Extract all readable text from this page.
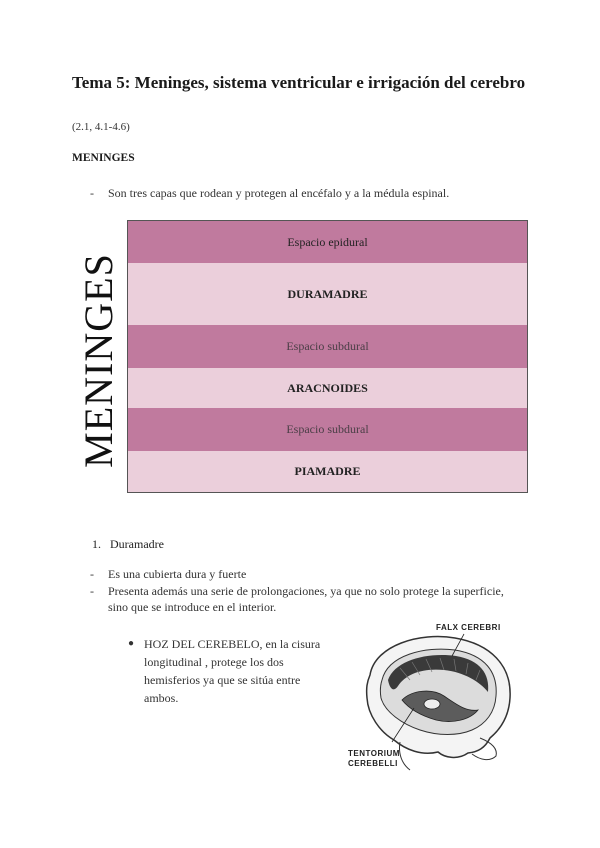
Tema 5: Meninges, sistema ventricular e irrigación del cerebro
(2.1, 4.1-4.6)
MENINGES
- Son tres capas que rodean y protegen al encéfalo y a la médula espinal.
MENINGES
Espacio epidural
DURAMADRE
Espacio subdural
ARACNOIDES
Espacio subdural
PIAMADRE
1. Duramadre
- Es una cubierta dura y fuerte
- Presenta además una serie de prolongaciones, ya que no solo protege la superficie,
sino que se introduce en el interior.
● HOZ DEL CEREBELO, en la cisura
longitudinal , protege los dos
hemisferios ya que se sitúa entre
ambos.
FALX CEREBRI
TENTORIUM
CEREBELLI
